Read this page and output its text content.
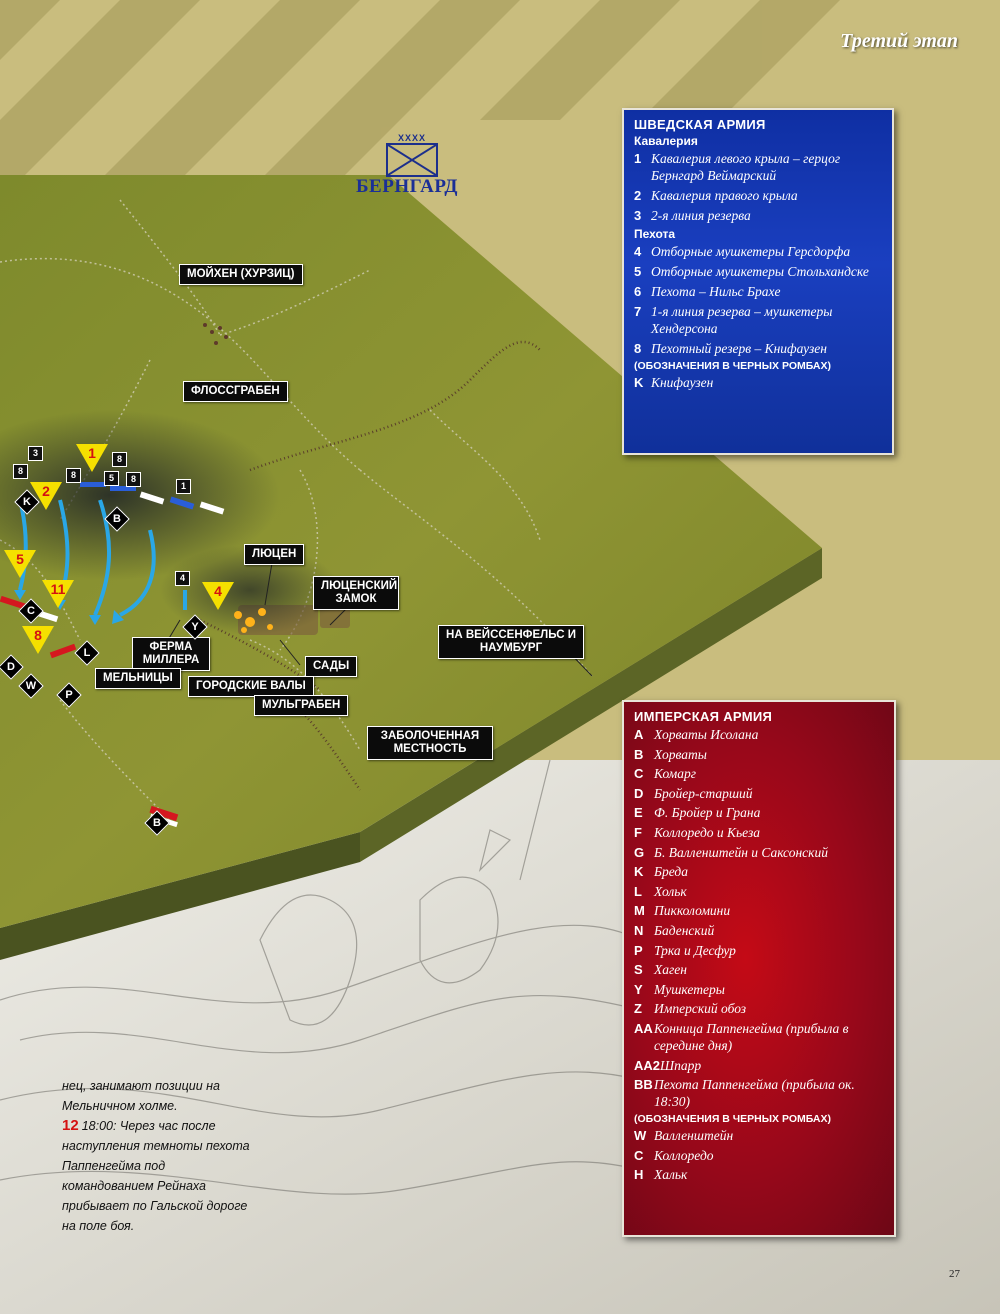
Третий этап
XXXX
БЕРНГАРД
МОЙХЕН (ХУРЗИЦ)
ФЛОССГРАБЕН
ЛЮЦЕН
ЛЮЦЕНСКИЙ ЗАМОК
НА ВЕЙССЕНФЕЛЬС И НАУМБУРГ
ФЕРМА МИЛЛЕРА	САДЫ
МЕЛЬНИЦЫ
ГОРОДСКИЕ ВАЛЫ
МУЛЬГРАБЕН
ЗАБОЛОЧЕННАЯ МЕСТНОСТЬ
1
2
5
11
8
4
K
B
C
Y
L
D
W
P
B
3
8	8
8
8
1
4
5
ШВЕДСКАЯ АРМИЯ
Кавалерия
1 Кавалерия левого крыла – герцог Бернгард Веймарский
2 Кавалерия правого крыла
3 2-я линия резерва
Пехота
4 Отборные мушкетеры Герсдорфа
5 Отборные мушкетеры Стольхандске
6 Пехота – Нильс Брахе
7 1-я линия резерва – мушкетеры Хендерсона
8 Пехотный резерв – Книфаузен
(ОБОЗНАЧЕНИЯ В ЧЕРНЫХ РОМБАХ)
K Книфаузен
ИМПЕРСКАЯ АРМИЯ
A Хорваты Исолана
B Хорваты
C Комарг
D Бройер-старший
E Ф. Бройер и Грана
F Коллоредо и Кьеза
G Б. Валленштейн и Саксонский
K Бреда
L Хольк
M Пикколомини
N Баденский
P Трка и Десфур
S Хаген
Y Мушкетеры
Z Имперский обоз
AA Конница Паппенгейма (прибыла в середине дня)
AA2 Шпарр
BB Пехота Паппенгейма (прибыла ок. 18:30)
(ОБОЗНАЧЕНИЯ В ЧЕРНЫХ РОМБАХ)
W Валленштейн
C Коллоредо
H Хальк
нец, занимают позиции на Мельничном холме.
12 18:00: Через час после наступления темноты пехота Паппенгейма под командованием Рейнаха прибывает по Гальской дороге на поле боя.
27
